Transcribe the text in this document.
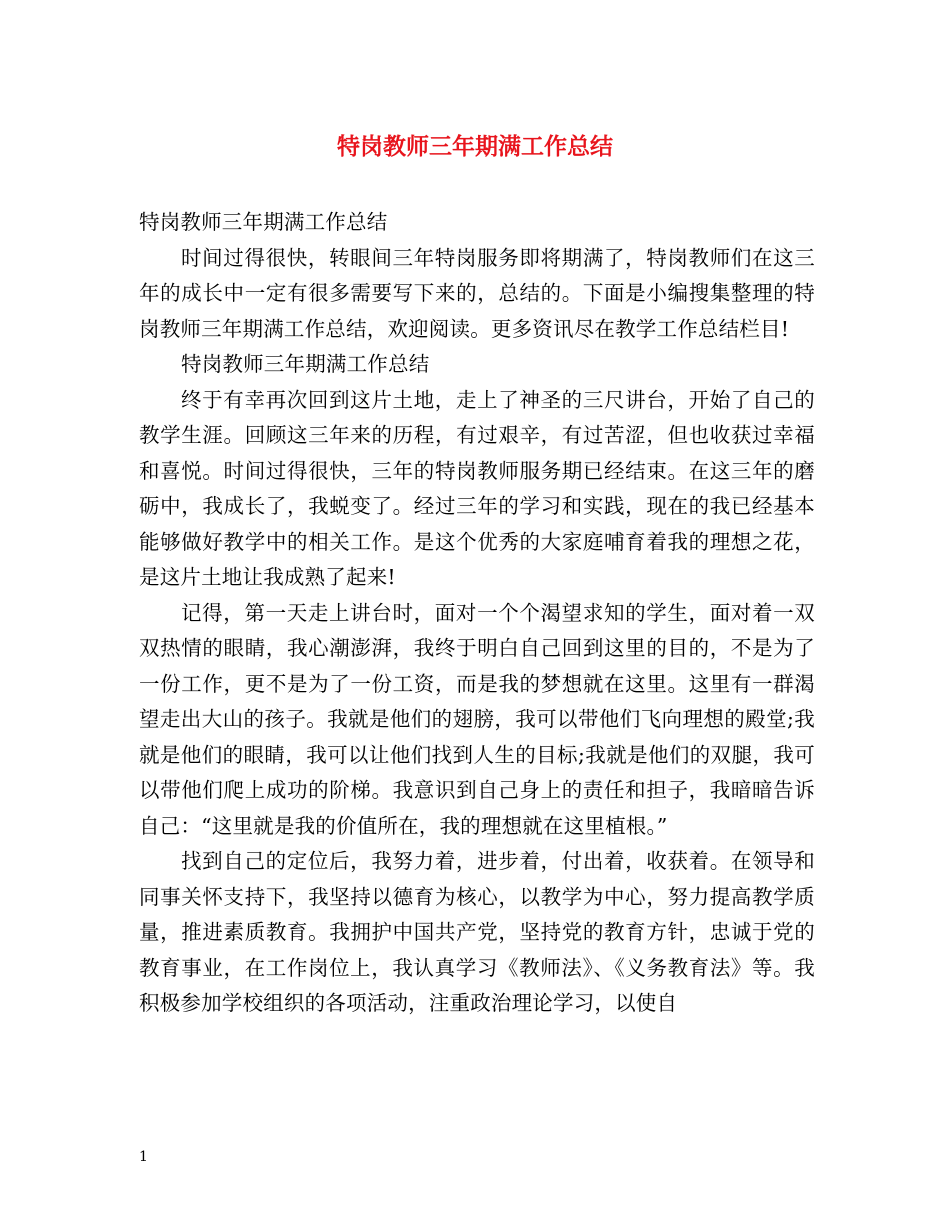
特岗教师三年期满工作总结

特岗教师三年期满工作总结

时间过得很快，转眼间三年特岗服务即将期满了，特岗教师们在这三年的成长中一定有很多需要写下来的，总结的。下面是小编搜集整理的特岗教师三年期满工作总结，欢迎阅读。更多资讯尽在教学工作总结栏目!

特岗教师三年期满工作总结

终于有幸再次回到这片土地，走上了神圣的三尺讲台，开始了自己的教学生涯。回顾这三年来的历程，有过艰辛，有过苦涩，但也收获过幸福和喜悦。时间过得很快，三年的特岗教师服务期已经结束。在这三年的磨砺中，我成长了，我蜕变了。经过三年的学习和实践，现在的我已经基本能够做好教学中的相关工作。是这个优秀的大家庭哺育着我的理想之花，是这片土地让我成熟了起来!

记得，第一天走上讲台时，面对一个个渴望求知的学生，面对着一双双热情的眼睛，我心潮澎湃，我终于明白自己回到这里的目的，不是为了一份工作，更不是为了一份工资，而是我的梦想就在这里。这里有一群渴望走出大山的孩子。我就是他们的翅膀，我可以带他们飞向理想的殿堂;我就是他们的眼睛，我可以让他们找到人生的目标;我就是他们的双腿，我可以带他们爬上成功的阶梯。我意识到自己身上的责任和担子，我暗暗告诉自己：“这里就是我的价值所在，我的理想就在这里植根。”

找到自己的定位后，我努力着，进步着，付出着，收获着。在领导和同事关怀支持下，我坚持以德育为核心，以教学为中心，努力提高教学质量，推进素质教育。我拥护中国共产党，坚持党的教育方针，忠诚于党的教育事业，在工作岗位上，我认真学习《教师法》、《义务教育法》等。我积极参加学校组织的各项活动，注重政治理论学习，以使自

1
